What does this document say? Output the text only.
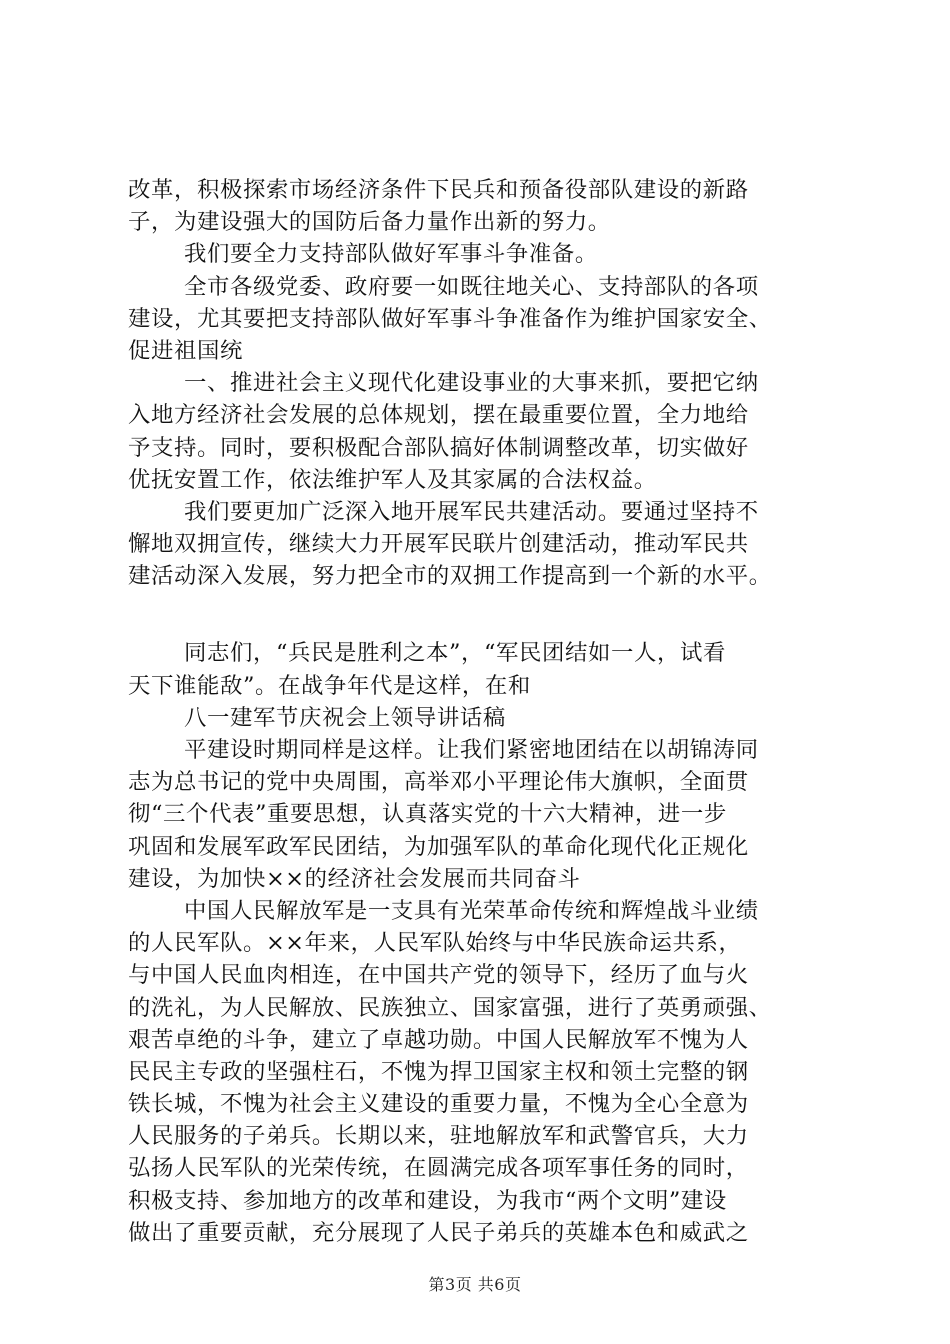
改革，积极探索市场经济条件下民兵和预备役部队建设的新路
子，为建设强大的国防后备力量作出新的努力。
我们要全力支持部队做好军事斗争准备。
全市各级党委、政府要一如既往地关心、支持部队的各项
建设，尤其要把支持部队做好军事斗争准备作为维护国家安全、
促进祖国统
一、推进社会主义现代化建设事业的大事来抓，要把它纳
入地方经济社会发展的总体规划，摆在最重要位置，全力地给
予支持。同时，要积极配合部队搞好体制调整改革，切实做好
优抚安置工作，依法维护军人及其家属的合法权益。
我们要更加广泛深入地开展军民共建活动。要通过坚持不
懈地双拥宣传，继续大力开展军民联片创建活动，推动军民共
建活动深入发展，努力把全市的双拥工作提高到一个新的水平。
同志们，“兵民是胜利之本”，“军民团结如一人，试看
天下谁能敌”。在战争年代是这样，在和
八一建军节庆祝会上领导讲话稿
平建设时期同样是这样。让我们紧密地团结在以胡锦涛同
志为总书记的党中央周围，高举邓小平理论伟大旗帜，全面贯
彻“三个代表”重要思想，认真落实党的十六大精神，进一步
巩固和发展军政军民团结，为加强军队的革命化现代化正规化
建设，为加快××的经济社会发展而共同奋斗
中国人民解放军是一支具有光荣革命传统和辉煌战斗业绩
的人民军队。××年来，人民军队始终与中华民族命运共系，
与中国人民血肉相连，在中国共产党的领导下，经历了血与火
的洗礼，为人民解放、民族独立、国家富强，进行了英勇顽强、
艰苦卓绝的斗争，建立了卓越功勋。中国人民解放军不愧为人
民民主专政的坚强柱石，不愧为捍卫国家主权和领土完整的钢
铁长城，不愧为社会主义建设的重要力量，不愧为全心全意为
人民服务的子弟兵。长期以来，驻地解放军和武警官兵，大力
弘扬人民军队的光荣传统，在圆满完成各项军事任务的同时，
积极支持、参加地方的改革和建设，为我市“两个文明”建设
做出了重要贡献，充分展现了人民子弟兵的英雄本色和威武之
第3页 共6页
